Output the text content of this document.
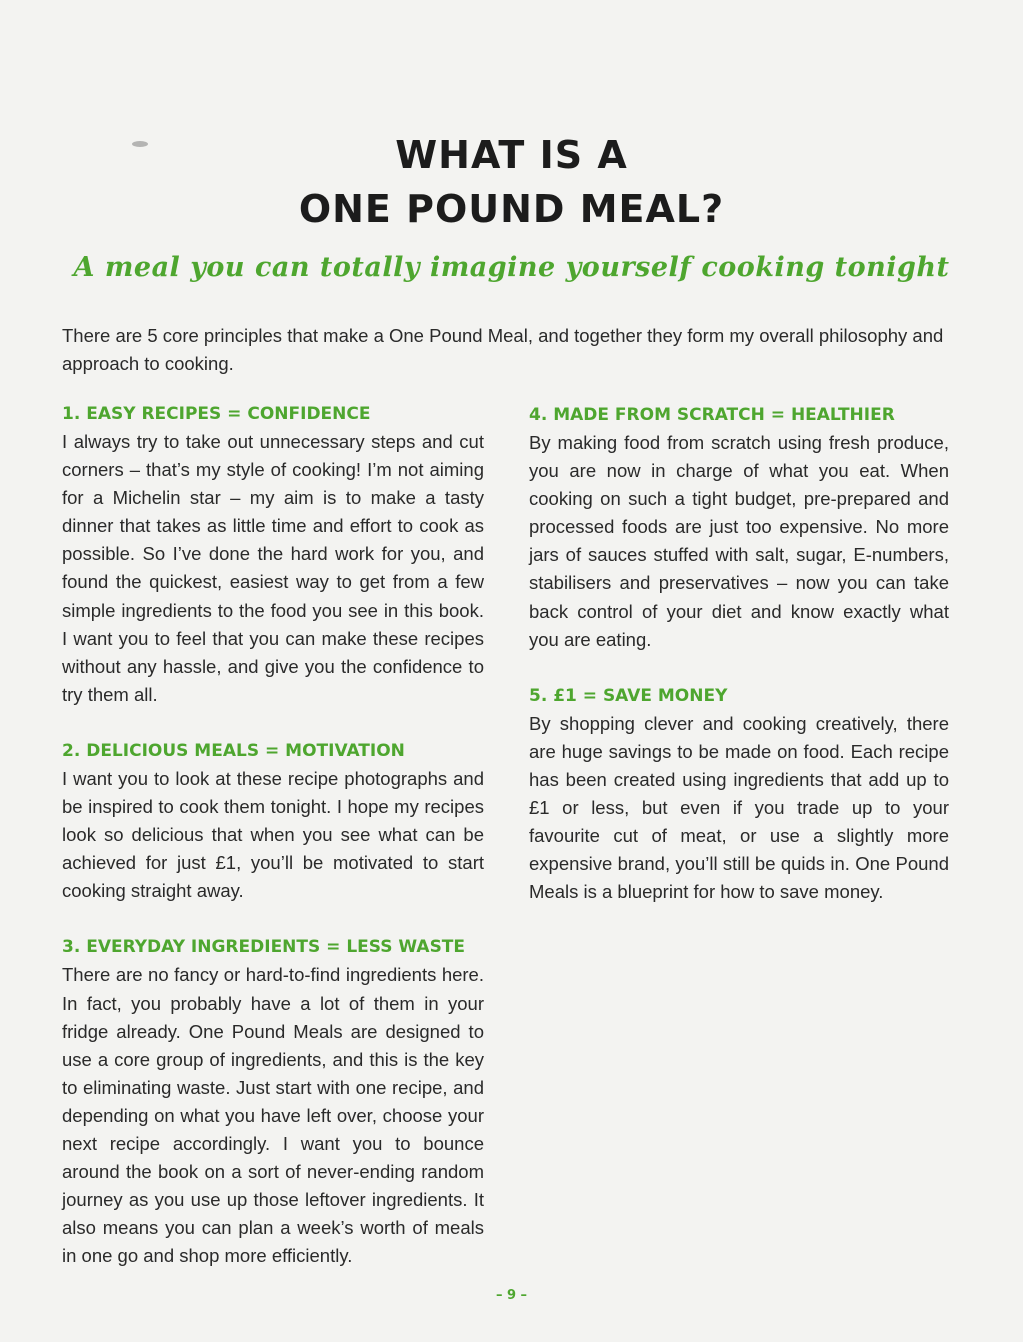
WHAT IS A
ONE POUND MEAL?
A meal you can totally imagine yourself cooking tonight
There are 5 core principles that make a One Pound Meal, and together they form my overall philosophy and approach to cooking.
1. EASY RECIPES = CONFIDENCE
I always try to take out unnecessary steps and cut corners – that’s my style of cooking! I’m not aiming for a Michelin star – my aim is to make a tasty dinner that takes as little time and effort to cook as possible. So I’ve done the hard work for you, and found the quickest, easiest way to get from a few simple ingredients to the food you see in this book. I want you to feel that you can make these recipes without any hassle, and give you the confidence to try them all.
2. DELICIOUS MEALS = MOTIVATION
I want you to look at these recipe photographs and be inspired to cook them tonight. I hope my recipes look so delicious that when you see what can be achieved for just £1, you’ll be motivated to start cooking straight away.
3. EVERYDAY INGREDIENTS = LESS WASTE
There are no fancy or hard-to-find ingredients here. In fact, you probably have a lot of them in your fridge already. One Pound Meals are designed to use a core group of ingredients, and this is the key to eliminating waste. Just start with one recipe, and depending on what you have left over, choose your next recipe accordingly. I want you to bounce around the book on a sort of never-ending random journey as you use up those leftover ingredients. It also means you can plan a week’s worth of meals in one go and shop more efficiently.
4. MADE FROM SCRATCH = HEALTHIER
By making food from scratch using fresh produce, you are now in charge of what you eat. When cooking on such a tight budget, pre-prepared and processed foods are just too expensive. No more jars of sauces stuffed with salt, sugar, E-numbers, stabilisers and preservatives – now you can take back control of your diet and know exactly what you are eating.
5. £1 = SAVE MONEY
By shopping clever and cooking creatively, there are huge savings to be made on food. Each recipe has been created using ingredients that add up to £1 or less, but even if you trade up to your favourite cut of meat, or use a slightly more expensive brand, you’ll still be quids in. One Pound Meals is a blueprint for how to save money.
– 9 –
